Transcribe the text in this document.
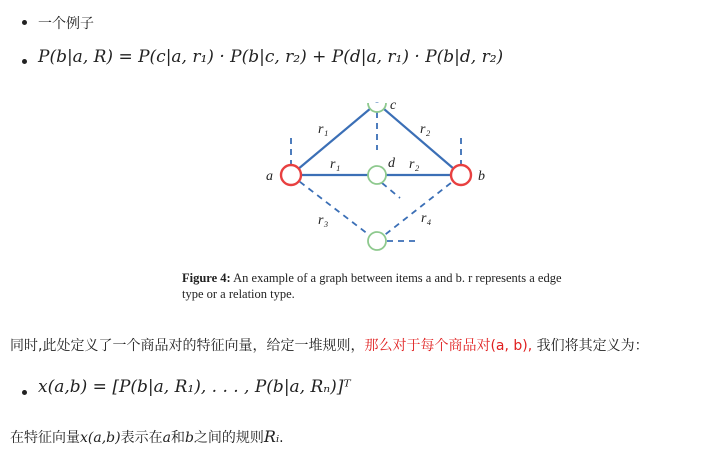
一个例子
P(b|a, R) = P(c|a, r₁) · P(b|c, r₂) + P(d|a, r₁) · P(b|d, r₂)
a	b
c
d
r₁	r₂
r₁	r₂
r₃	r₄
Figure 4: An example of a graph between items a and b. r represents a edge type or a relation type.
同时,此处定义了一个商品对的特征向量，给定一堆规则，那么对于每个商品对(a, b), 我们将其定义为：
x(a,b) = [P(b|a, R₁), . . . , P(b|a, Rₙ)]ᵀ
在特征向量x(a,b)表示在a和b之间的规则Rᵢ.
